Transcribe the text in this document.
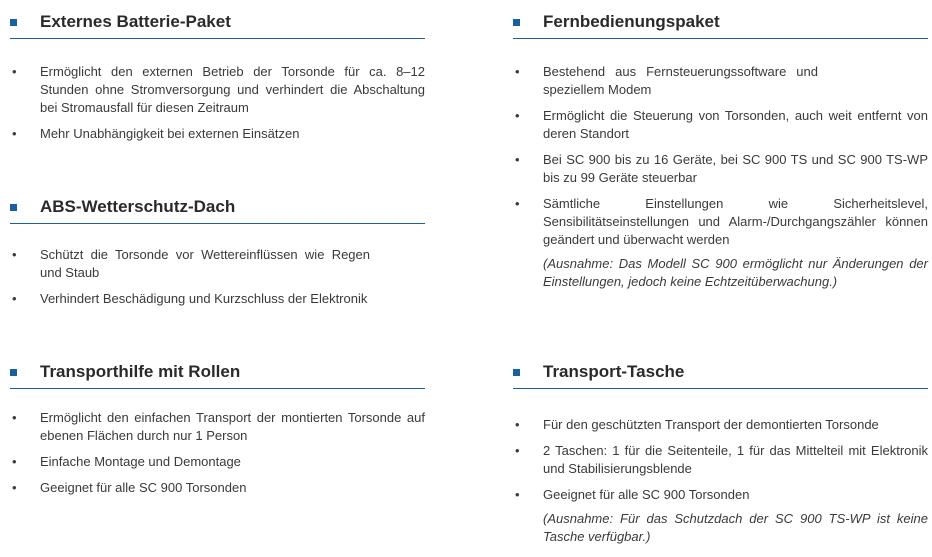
Externes Batterie-Paket
•	Ermöglicht den externen Betrieb der Torsonde für ca. 8–12 Stunden ohne Stromversorgung und verhindert die Abschaltung bei Stromausfall für diesen Zeitraum
•	Mehr Unabhängigkeit bei externen Einsätzen
ABS-Wetterschutz-Dach
•	Schützt die Torsonde vor Wettereinflüssen wie Regen und Staub
•	Verhindert Beschädigung und Kurzschluss der Elektronik
Transporthilfe mit Rollen
•	Ermöglicht den einfachen Transport der montierten Torsonde auf ebenen Flächen durch nur 1 Person
•	Einfache Montage und Demontage
•	Geeignet für alle SC 900 Torsonden
Fernbedienungspaket
•	Bestehend aus Fernsteuerungssoftware und speziellem Modem
•	Ermöglicht die Steuerung von Torsonden, auch weit entfernt von deren Standort
•	Bei SC 900 bis zu 16 Geräte, bei SC 900 TS und SC 900 TS-WP bis zu 99 Geräte steuerbar
•	Sämtliche Einstellungen wie Sicherheitslevel, Sensibilitätseinstellungen und Alarm-/Durchgangszähler können geändert und überwacht werden
(Ausnahme: Das Modell SC 900 ermöglicht nur Änderungen der Einstellungen, jedoch keine Echtzeitüberwachung.)
Transport-Tasche
•	Für den geschützten Transport der demontierten Torsonde
•	2 Taschen: 1 für die Seitenteile, 1 für das Mittelteil mit Elektronik und Stabilisierungsblende
•	Geeignet für alle SC 900 Torsonden
(Ausnahme: Für das Schutzdach der SC 900 TS-WP ist keine Tasche verfügbar.)
